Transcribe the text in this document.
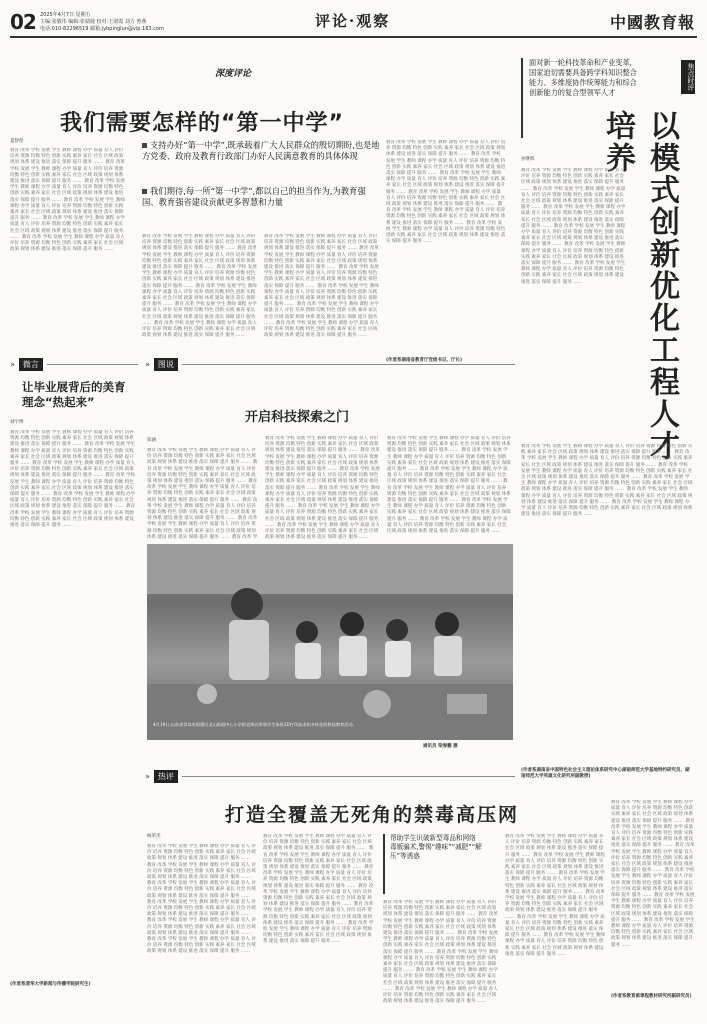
02 2025年4月7日 星期五
主编:张敬伟 编辑:张婧婕 校对:王淑霞 刘力 曾燕
电话:010-82296519 邮箱:jybpinglun@vip.163.com	评论·观察	中國教育報
深度评论
我们需要怎样的“第一中学”
夏智伦
教育 改革 学校 发展 学生 教师 课程 办学 质量 育人 评价 培养 资源 均衡 特色 创新 实践 素养 家长 社会 区域 政策 规划 体系 建设 推进 落实 保障 提升 服务 ……  教育 改革 学校 发展 学生 教师 课程 办学 质量 育人 评价 培养 资源 均衡 特色 创新 实践 素养 家长 社会 区域 政策 规划 体系 建设 推进 落实 保障 提升 服务 ……  教育 改革 学校 发展 学生 教师 课程 办学 质量 育人 评价 培养 资源 均衡 特色 创新 实践 素养 家长 社会 区域 政策 规划 体系 建设 推进 落实 保障 提升 服务 ……  教育 改革 学校 发展 学生 教师 课程 办学 质量 育人 评价 培养 资源 均衡 特色 创新 实践 素养 家长 社会 区域 政策 规划 体系 建设 推进 落实 保障 提升 服务 ……  教育 改革 学校 发展 学生 教师 课程 办学 质量 育人 评价 培养 资源 均衡 特色 创新 实践 素养 家长 社会 区域 政策 规划 体系 建设 推进 落实 保障 提升 服务 ……  教育 改革 学校 发展 学生 教师 课程 办学 质量 育人 评价 培养 资源 均衡 特色 创新 实践 素养 家长 社会 区域 政策 规划 体系 建设 推进 落实 保障 提升 服务 ……	支持办好“第一中学”,既承载着广大人民群众的殷切期盼,也是地方党委、政府及教育行政部门办好人民满意教育的具体体现
我们期待,每一所“第一中学”,都以自己的担当作为,为教育强国、教育强省建设贡献更多智慧和力量
教育 改革 学校 发展 学生 教师 课程 办学 质量 育人 评价 培养 资源 均衡 特色 创新 实践 素养 家长 社会 区域 政策 规划 体系 建设 推进 落实 保障 提升 服务 ……  教育 改革 学校 发展 学生 教师 课程 办学 质量 育人 评价 培养 资源 均衡 特色 创新 实践 素养 家长 社会 区域 政策 规划 体系 建设 推进 落实 保障 提升 服务 ……  教育 改革 学校 发展 学生 教师 课程 办学 质量 育人 评价 培养 资源 均衡 特色 创新 实践 素养 家长 社会 区域 政策 规划 体系 建设 推进 落实 保障 提升 服务 ……  教育 改革 学校 发展 学生 教师 课程 办学 质量 育人 评价 培养 资源 均衡 特色 创新 实践 素养 家长 社会 区域 政策 规划 体系 建设 推进 落实 保障 提升 服务 ……  教育 改革 学校 发展 学生 教师 课程 办学 质量 育人 评价 培养 资源 均衡 特色 创新 实践 素养 家长 社会 区域 政策 规划 体系 建设 推进 落实 保障 提升 服务 ……  教育 改革 学校 发展 学生 教师 课程 办学 质量 育人 评价 培养 资源 均衡 特色 创新 实践 素养 家长 社会 区域 政策 规划 体系 建设 推进 落实 保障 提升 服务 ……
教育 改革 学校 发展 学生 教师 课程 办学 质量 育人 评价 培养 资源 均衡 特色 创新 实践 素养 家长 社会 区域 政策 规划 体系 建设 推进 落实 保障 提升 服务 ……  教育 改革 学校 发展 学生 教师 课程 办学 质量 育人 评价 培养 资源 均衡 特色 创新 实践 素养 家长 社会 区域 政策 规划 体系 建设 推进 落实 保障 提升 服务 ……  教育 改革 学校 发展 学生 教师 课程 办学 质量 育人 评价 培养 资源 均衡 特色 创新 实践 素养 家长 社会 区域 政策 规划 体系 建设 推进 落实 保障 提升 服务 ……  教育 改革 学校 发展 学生 教师 课程 办学 质量 育人 评价 培养 资源 均衡 特色 创新 实践 素养 家长 社会 区域 政策 规划 体系 建设 推进 落实 保障 提升 服务 ……  教育 改革 学校 发展 学生 教师 课程 办学 质量 育人 评价 培养 资源 均衡 特色 创新 实践 素养 家长 社会 区域 政策 规划 体系 建设 推进 落实 保障 提升 服务 ……  教育 改革 学校 发展 学生 教师 课程 办学 质量 育人 评价 培养 资源 均衡 特色 创新 实践 素养 家长 社会 区域 政策 规划 体系 建设 推进 落实 保障 提升 服务 ……
教育 改革 学校 发展 学生 教师 课程 办学 质量 育人 评价 培养 资源 均衡 特色 创新 实践 素养 家长 社会 区域 政策 规划 体系 建设 推进 落实 保障 提升 服务 ……  教育 改革 学校 发展 学生 教师 课程 办学 质量 育人 评价 培养 资源 均衡 特色 创新 实践 素养 家长 社会 区域 政策 规划 体系 建设 推进 落实 保障 提升 服务 ……  教育 改革 学校 发展 学生 教师 课程 办学 质量 育人 评价 培养 资源 均衡 特色 创新 实践 素养 家长 社会 区域 政策 规划 体系 建设 推进 落实 保障 提升 服务 ……  教育 改革 学校 发展 学生 教师 课程 办学 质量 育人 评价 培养 资源 均衡 特色 创新 实践 素养 家长 社会 区域 政策 规划 体系 建设 推进 落实 保障 提升 服务 ……  教育 改革 学校 发展 学生 教师 课程 办学 质量 育人 评价 培养 资源 均衡 特色 创新 实践 素养 家长 社会 区域 政策 规划 体系 建设 推进 落实 保障 提升 服务 ……  教育 改革 学校 发展 学生 教师 课程 办学 质量 育人 评价 培养 资源 均衡 特色 创新 实践 素养 家长 社会 区域 政策 规划 体系 建设 推进 落实 保障 提升 服务 ……
(作者系湖南省教育厅党组书记、厅长)
面对新一轮科技革命和产业变革,国家迫切需要具备跨学科知识整合能力、多维度协作统筹能力和综合创新能力的复合型领军人才
焦点时评
以模式创新优化工程人才培养
孙继辉
教育 改革 学校 发展 学生 教师 课程 办学 质量 育人 评价 培养 资源 均衡 特色 创新 实践 素养 家长 社会 区域 政策 规划 体系 建设 推进 落实 保障 提升 服务 ……  教育 改革 学校 发展 学生 教师 课程 办学 质量 育人 评价 培养 资源 均衡 特色 创新 实践 素养 家长 社会 区域 政策 规划 体系 建设 推进 落实 保障 提升 服务 ……  教育 改革 学校 发展 学生 教师 课程 办学 质量 育人 评价 培养 资源 均衡 特色 创新 实践 素养 家长 社会 区域 政策 规划 体系 建设 推进 落实 保障 提升 服务 ……  教育 改革 学校 发展 学生 教师 课程 办学 质量 育人 评价 培养 资源 均衡 特色 创新 实践 素养 家长 社会 区域 政策 规划 体系 建设 推进 落实 保障 提升 服务 ……  教育 改革 学校 发展 学生 教师 课程 办学 质量 育人 评价 培养 资源 均衡 特色 创新 实践 素养 家长 社会 区域 政策 规划 体系 建设 推进 落实 保障 提升 服务 ……  教育 改革 学校 发展 学生 教师 课程 办学 质量 育人 评价 培养 资源 均衡 特色 创新 实践 素养 家长 社会 区域 政策 规划 体系 建设 推进 落实 保障 提升 服务 ……
教育 改革 学校 发展 学生 教师 课程 办学 质量 育人 评价 培养 资源 均衡 特色 创新 实践 素养 家长 社会 区域 政策 规划 体系 建设 推进 落实 保障 提升 服务 ……  教育 改革 学校 发展 学生 教师 课程 办学 质量 育人 评价 培养 资源 均衡 特色 创新 实践 素养 家长 社会 区域 政策 规划 体系 建设 推进 落实 保障 提升 服务 ……  教育 改革 学校 发展 学生 教师 课程 办学 质量 育人 评价 培养 资源 均衡 特色 创新 实践 素养 家长 社会 区域 政策 规划 体系 建设 推进 落实 保障 提升 服务 ……  教育 改革 学校 发展 学生 教师 课程 办学 质量 育人 评价 培养 资源 均衡 特色 创新 实践 素养 家长 社会 区域 政策 规划 体系 建设 推进 落实 保障 提升 服务 ……  教育 改革 学校 发展 学生 教师 课程 办学 质量 育人 评价 培养 资源 均衡 特色 创新 实践 素养 家长 社会 区域 政策 规划 体系 建设 推进 落实 保障 提升 服务 ……  教育 改革 学校 发展 学生 教师 课程 办学 质量 育人 评价 培养 资源 均衡 特色 创新 实践 素养 家长 社会 区域 政策 规划 体系 建设 推进 落实 保障 提升 服务 ……
(作者系湖南省中国特色社会主义理论体系研究中心湖南师范大学基地特约研究员、湖南师范大学英雄文化研究所副教授)
»	微言
让毕业展背后的美育理念“热起来”
刘宇博
教育 改革 学校 发展 学生 教师 课程 办学 质量 育人 评价 培养 资源 均衡 特色 创新 实践 素养 家长 社会 区域 政策 规划 体系 建设 推进 落实 保障 提升 服务 ……  教育 改革 学校 发展 学生 教师 课程 办学 质量 育人 评价 培养 资源 均衡 特色 创新 实践 素养 家长 社会 区域 政策 规划 体系 建设 推进 落实 保障 提升 服务 ……  教育 改革 学校 发展 学生 教师 课程 办学 质量 育人 评价 培养 资源 均衡 特色 创新 实践 素养 家长 社会 区域 政策 规划 体系 建设 推进 落实 保障 提升 服务 ……  教育 改革 学校 发展 学生 教师 课程 办学 质量 育人 评价 培养 资源 均衡 特色 创新 实践 素养 家长 社会 区域 政策 规划 体系 建设 推进 落实 保障 提升 服务 ……  教育 改革 学校 发展 学生 教师 课程 办学 质量 育人 评价 培养 资源 均衡 特色 创新 实践 素养 家长 社会 区域 政策 规划 体系 建设 推进 落实 保障 提升 服务 ……  教育 改革 学校 发展 学生 教师 课程 办学 质量 育人 评价 培养 资源 均衡 特色 创新 实践 素养 家长 社会 区域 政策 规划 体系 建设 推进 落实 保障 提升 服务 ……
(作者系清华大学新闻与传播学院研究生)
»	图说
开启科技探索之门
知涵
教育 改革 学校 发展 学生 教师 课程 办学 质量 育人 评价 培养 资源 均衡 特色 创新 实践 素养 家长 社会 区域 政策 规划 体系 建设 推进 落实 保障 提升 服务 ……  教育 改革 学校 发展 学生 教师 课程 办学 质量 育人 评价 培养 资源 均衡 特色 创新 实践 素养 家长 社会 区域 政策 规划 体系 建设 推进 落实 保障 提升 服务 ……  教育 改革 学校 发展 学生 教师 课程 办学 质量 育人 评价 培养 资源 均衡 特色 创新 实践 素养 家长 社会 区域 政策 规划 体系 建设 推进 落实 保障 提升 服务 ……  教育 改革 学校 发展 学生 教师 课程 办学 质量 育人 评价 培养 资源 均衡 特色 创新 实践 素养 家长 社会 区域 政策 规划 体系 建设 推进 落实 保障 提升 服务 ……  教育 改革 学校 发展 学生 教师 课程 办学 质量 育人 评价 培养 资源 均衡 特色 创新 实践 素养 家长 社会 区域 政策 规划 体系 建设 推进 落实 保障 提升 服务 ……  教育 改革 学校 发展 学生 教师 课程 办学 质量 育人 评价 培养 资源 均衡 特色 创新 实践 素养 家长 社会 区域 政策 规划 体系 建设 推进 落实 保障 提升 服务 ……
教育 改革 学校 发展 学生 教师 课程 办学 质量 育人 评价 培养 资源 均衡 特色 创新 实践 素养 家长 社会 区域 政策 规划 体系 建设 推进 落实 保障 提升 服务 ……  教育 改革 学校 发展 学生 教师 课程 办学 质量 育人 评价 培养 资源 均衡 特色 创新 实践 素养 家长 社会 区域 政策 规划 体系 建设 推进 落实 保障 提升 服务 ……  教育 改革 学校 发展 学生 教师 课程 办学 质量 育人 评价 培养 资源 均衡 特色 创新 实践 素养 家长 社会 区域 政策 规划 体系 建设 推进 落实 保障 提升 服务 ……  教育 改革 学校 发展 学生 教师 课程 办学 质量 育人 评价 培养 资源 均衡 特色 创新 实践 素养 家长 社会 区域 政策 规划 体系 建设 推进 落实 保障 提升 服务 ……  教育 改革 学校 发展 学生 教师 课程 办学 质量 育人 评价 培养 资源 均衡 特色 创新 实践 素养 家长 社会 区域 政策 规划 体系 建设 推进 落实 保障 提升 服务 ……  教育 改革 学校 发展 学生 教师 课程 办学 质量 育人 评价 培养 资源 均衡 特色 创新 实践 素养 家长 社会 区域 政策 规划 体系 建设 推进 落实 保障 提升 服务 ……
教育 改革 学校 发展 学生 教师 课程 办学 质量 育人 评价 培养 资源 均衡 特色 创新 实践 素养 家长 社会 区域 政策 规划 体系 建设 推进 落实 保障 提升 服务 ……  教育 改革 学校 发展 学生 教师 课程 办学 质量 育人 评价 培养 资源 均衡 特色 创新 实践 素养 家长 社会 区域 政策 规划 体系 建设 推进 落实 保障 提升 服务 ……  教育 改革 学校 发展 学生 教师 课程 办学 质量 育人 评价 培养 资源 均衡 特色 创新 实践 素养 家长 社会 区域 政策 规划 体系 建设 推进 落实 保障 提升 服务 ……  教育 改革 学校 发展 学生 教师 课程 办学 质量 育人 评价 培养 资源 均衡 特色 创新 实践 素养 家长 社会 区域 政策 规划 体系 建设 推进 落实 保障 提升 服务 ……  教育 改革 学校 发展 学生 教师 课程 办学 质量 育人 评价 培养 资源 均衡 特色 创新 实践 素养 家长 社会 区域 政策 规划 体系 建设 推进 落实 保障 提升 服务 ……  教育 改革 学校 发展 学生 教师 课程 办学 质量 育人 评价 培养 资源 均衡 特色 创新 实践 素养 家长 社会 区域 政策 规划 体系 建设 推进 落实 保障 提升 服务 ……
4月19日,山东省青岛市即墨区灵山街道中心小学的老师在带领学生体验3D打印技术和多样化的科技教育活动。
通讯员 梁春鹏 摄
»	热评
打造全覆盖无死角的禁毒高压网
杨荣杰
教育 改革 学校 发展 学生 教师 课程 办学 质量 育人 评价 培养 资源 均衡 特色 创新 实践 素养 家长 社会 区域 政策 规划 体系 建设 推进 落实 保障 提升 服务 ……  教育 改革 学校 发展 学生 教师 课程 办学 质量 育人 评价 培养 资源 均衡 特色 创新 实践 素养 家长 社会 区域 政策 规划 体系 建设 推进 落实 保障 提升 服务 ……  教育 改革 学校 发展 学生 教师 课程 办学 质量 育人 评价 培养 资源 均衡 特色 创新 实践 素养 家长 社会 区域 政策 规划 体系 建设 推进 落实 保障 提升 服务 ……  教育 改革 学校 发展 学生 教师 课程 办学 质量 育人 评价 培养 资源 均衡 特色 创新 实践 素养 家长 社会 区域 政策 规划 体系 建设 推进 落实 保障 提升 服务 ……  教育 改革 学校 发展 学生 教师 课程 办学 质量 育人 评价 培养 资源 均衡 特色 创新 实践 素养 家长 社会 区域 政策 规划 体系 建设 推进 落实 保障 提升 服务 ……  教育 改革 学校 发展 学生 教师 课程 办学 质量 育人 评价 培养 资源 均衡 特色 创新 实践 素养 家长 社会 区域 政策 规划 体系 建设 推进 落实 保障 提升 服务 ……
教育 改革 学校 发展 学生 教师 课程 办学 质量 育人 评价 培养 资源 均衡 特色 创新 实践 素养 家长 社会 区域 政策 规划 体系 建设 推进 落实 保障 提升 服务 ……  教育 改革 学校 发展 学生 教师 课程 办学 质量 育人 评价 培养 资源 均衡 特色 创新 实践 素养 家长 社会 区域 政策 规划 体系 建设 推进 落实 保障 提升 服务 ……  教育 改革 学校 发展 学生 教师 课程 办学 质量 育人 评价 培养 资源 均衡 特色 创新 实践 素养 家长 社会 区域 政策 规划 体系 建设 推进 落实 保障 提升 服务 ……  教育 改革 学校 发展 学生 教师 课程 办学 质量 育人 评价 培养 资源 均衡 特色 创新 实践 素养 家长 社会 区域 政策 规划 体系 建设 推进 落实 保障 提升 服务 ……  教育 改革 学校 发展 学生 教师 课程 办学 质量 育人 评价 培养 资源 均衡 特色 创新 实践 素养 家长 社会 区域 政策 规划 体系 建设 推进 落实 保障 提升 服务 ……  教育 改革 学校 发展 学生 教师 课程 办学 质量 育人 评价 培养 资源 均衡 特色 创新 实践 素养 家长 社会 区域 政策 规划 体系 建设 推进 落实 保障 提升 服务 ……	帮助学生识破新型毒品和网络毒贩骗术,警惕“趣味”“减肥”“解压”等诱惑
教育 改革 学校 发展 学生 教师 课程 办学 质量 育人 评价 培养 资源 均衡 特色 创新 实践 素养 家长 社会 区域 政策 规划 体系 建设 推进 落实 保障 提升 服务 ……  教育 改革 学校 发展 学生 教师 课程 办学 质量 育人 评价 培养 资源 均衡 特色 创新 实践 素养 家长 社会 区域 政策 规划 体系 建设 推进 落实 保障 提升 服务 ……  教育 改革 学校 发展 学生 教师 课程 办学 质量 育人 评价 培养 资源 均衡 特色 创新 实践 素养 家长 社会 区域 政策 规划 体系 建设 推进 落实 保障 提升 服务 ……  教育 改革 学校 发展 学生 教师 课程 办学 质量 育人 评价 培养 资源 均衡 特色 创新 实践 素养 家长 社会 区域 政策 规划 体系 建设 推进 落实 保障 提升 服务 ……  教育 改革 学校 发展 学生 教师 课程 办学 质量 育人 评价 培养 资源 均衡 特色 创新 实践 素养 家长 社会 区域 政策 规划 体系 建设 推进 落实 保障 提升 服务 ……  教育 改革 学校 发展 学生 教师 课程 办学 质量 育人 评价 培养 资源 均衡 特色 创新 实践 素养 家长 社会 区域 政策 规划 体系 建设 推进 落实 保障 提升 服务 ……
教育 改革 学校 发展 学生 教师 课程 办学 质量 育人 评价 培养 资源 均衡 特色 创新 实践 素养 家长 社会 区域 政策 规划 体系 建设 推进 落实 保障 提升 服务 ……  教育 改革 学校 发展 学生 教师 课程 办学 质量 育人 评价 培养 资源 均衡 特色 创新 实践 素养 家长 社会 区域 政策 规划 体系 建设 推进 落实 保障 提升 服务 ……  教育 改革 学校 发展 学生 教师 课程 办学 质量 育人 评价 培养 资源 均衡 特色 创新 实践 素养 家长 社会 区域 政策 规划 体系 建设 推进 落实 保障 提升 服务 ……  教育 改革 学校 发展 学生 教师 课程 办学 质量 育人 评价 培养 资源 均衡 特色 创新 实践 素养 家长 社会 区域 政策 规划 体系 建设 推进 落实 保障 提升 服务 ……  教育 改革 学校 发展 学生 教师 课程 办学 质量 育人 评价 培养 资源 均衡 特色 创新 实践 素养 家长 社会 区域 政策 规划 体系 建设 推进 落实 保障 提升 服务 ……  教育 改革 学校 发展 学生 教师 课程 办学 质量 育人 评价 培养 资源 均衡 特色 创新 实践 素养 家长 社会 区域 政策 规划 体系 建设 推进 落实 保障 提升 服务 ……
教育 改革 学校 发展 学生 教师 课程 办学 质量 育人 评价 培养 资源 均衡 特色 创新 实践 素养 家长 社会 区域 政策 规划 体系 建设 推进 落实 保障 提升 服务 ……  教育 改革 学校 发展 学生 教师 课程 办学 质量 育人 评价 培养 资源 均衡 特色 创新 实践 素养 家长 社会 区域 政策 规划 体系 建设 推进 落实 保障 提升 服务 ……  教育 改革 学校 发展 学生 教师 课程 办学 质量 育人 评价 培养 资源 均衡 特色 创新 实践 素养 家长 社会 区域 政策 规划 体系 建设 推进 落实 保障 提升 服务 ……  教育 改革 学校 发展 学生 教师 课程 办学 质量 育人 评价 培养 资源 均衡 特色 创新 实践 素养 家长 社会 区域 政策 规划 体系 建设 推进 落实 保障 提升 服务 ……  教育 改革 学校 发展 学生 教师 课程 办学 质量 育人 评价 培养 资源 均衡 特色 创新 实践 素养 家长 社会 区域 政策 规划 体系 建设 推进 落实 保障 提升 服务 ……  教育 改革 学校 发展 学生 教师 课程 办学 质量 育人 评价 培养 资源 均衡 特色 创新 实践 素养 家长 社会 区域 政策 规划 体系 建设 推进 落实 保障 提升 服务 ……
(作者系教育部课程教材研究所副研究员)
